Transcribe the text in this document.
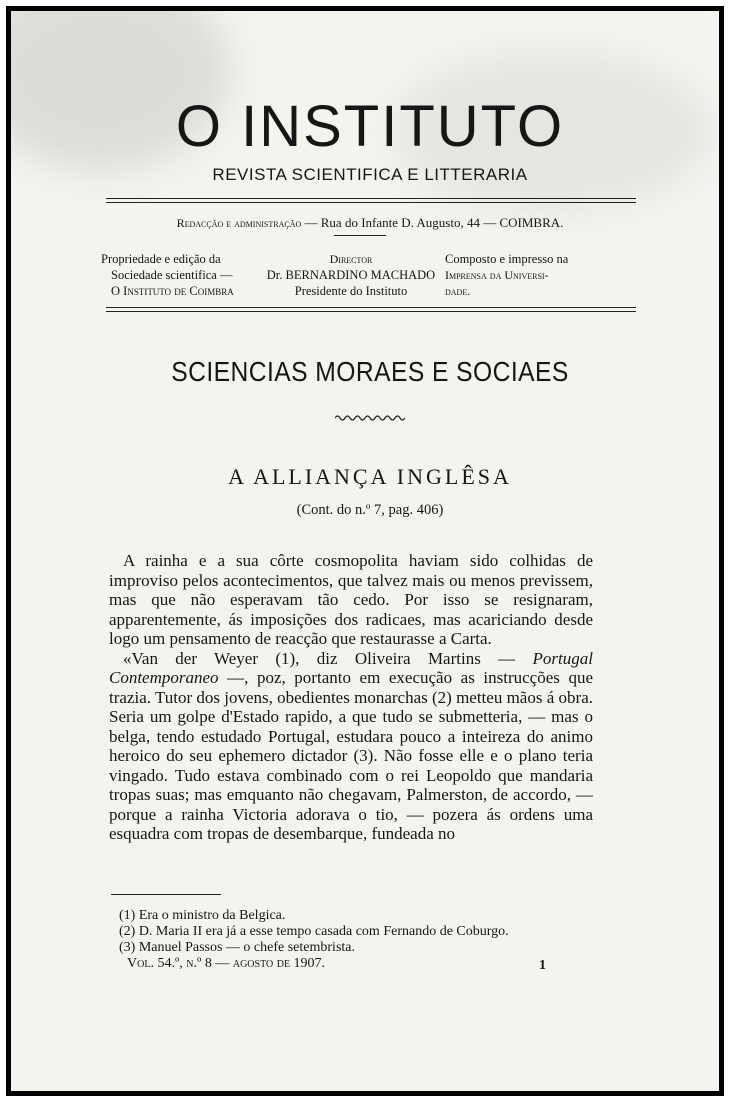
O INSTITUTO
REVISTA SCIENTIFICA E LITTERARIA
Redacção e administração — Rua do Infante D. Augusto, 44 — COIMBRA.
Propriedade e edição da
Sociedade scientifica —
O Instituto de Coimbra
Director
Dr. BERNARDINO MACHADO
Presidente do Instituto
Composto e impresso na
Imprensa da Universi-
dade.
SCIENCIAS MORAES E SOCIAES
A ALLIANÇA INGLÊSA
(Cont. do n.º 7, pag. 406)

A rainha e a sua côrte cosmopolita haviam sido colhidas de improviso pelos acontecimentos, que talvez mais ou menos previssem, mas que não esperavam tão cedo. Por isso se resignaram, apparentemente, ás imposições dos radicaes, mas acariciando desde logo um pensamento de reacção que restaurasse a Carta.

«Van der Weyer (1), diz Oliveira Martins — Portugal Contemporaneo —, poz, portanto em execução as instrucções que trazia. Tutor dos jovens, obedientes monarchas (2) metteu mãos á obra. Seria um golpe d'Estado rapido, a que tudo se submetteria, — mas o belga, tendo estudado Portugal, estudara pouco a inteireza do animo heroico do seu ephemero dictador (3). Não fosse elle e o plano teria vingado. Tudo estava combinado com o rei Leopoldo que mandaria tropas suas; mas emquanto não chegavam, Palmerston, de accordo, — porque a rainha Victoria adorava o tio, — pozera ás ordens uma esquadra com tropas de desembarque, fundeada no

(1) Era o ministro da Belgica.
(2) D. Maria II era já a esse tempo casada com Fernando de Coburgo.
(3) Manuel Passos — o chefe setembrista.
Vol. 54.º, n.º 8 — agosto de 1907.	1
